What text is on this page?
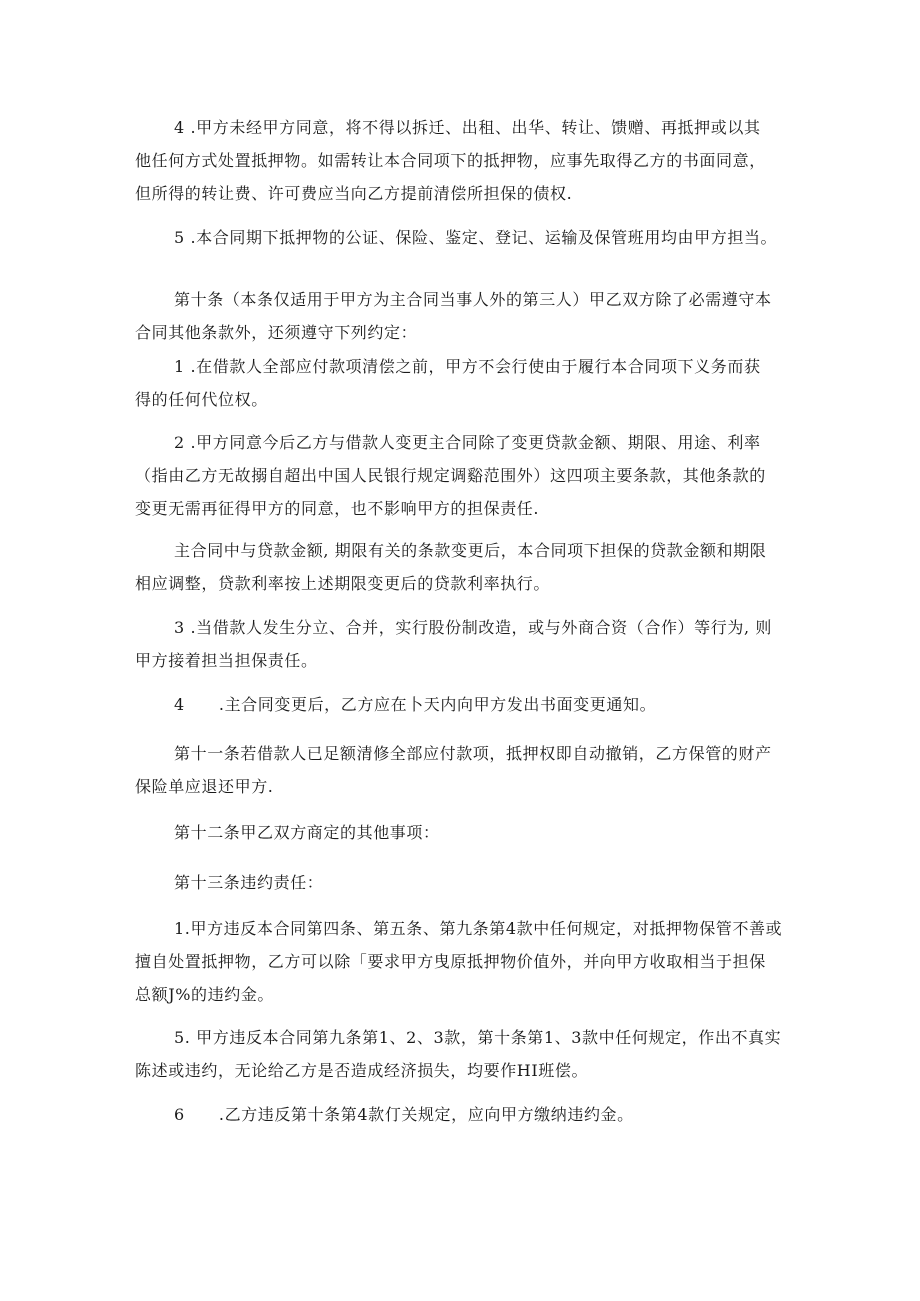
4 .甲方未经甲方同意，将不得以拆迁、出租、出华、转让、馈赠、再抵押或以其
他任何方式处置抵押物。如需转让本合同项下的抵押物，应事先取得乙方的书面同意，
但所得的转让费、许可费应当向乙方提前清偿所担保的债权.
5 .本合同期下抵押物的公证、保险、鉴定、登记、运输及保管班用均由甲方担当。
第十条（本条仅适用于甲方为主合同当事人外的第三人）甲乙双方除了必需遵守本
合同其他条款外，还须遵守下列约定：
1 .在借款人全部应付款项清偿之前，甲方不会行使由于履行本合同项下义务而获
得的任何代位权。
2 .甲方同意今后乙方与借款人变更主合同除了变更贷款金额、期限、用途、利率
（指由乙方无故搦自超出中国人民银行规定调谿范围外）这四项主要条款，其他条款的
变更无需再征得甲方的同意，也不影响甲方的担保责任.
主合同中与贷款金额, 期限有关的条款变更后，本合同项下担保的贷款金额和期限
相应调整，贷款利率按上述期限变更后的贷款利率执行。
3 .当借款人发生分立、合并，实行股份制改造，或与外商合资（合作）等行为, 则
甲方接着担当担保责任。
4      .主合同变更后，乙方应在卜天内向甲方发出书面变更通知。
第十一条若借款人已足额清修全部应付款项，抵押权即自动撤销，乙方保管的财产
保险单应退还甲方.
第十二条甲乙双方商定的其他事项：
第十三条违约责任：
1.甲方违反本合同第四条、第五条、第九条第4款中任何规定，对抵押物保管不善或
擅自处置抵押物，乙方可以除「要求甲方曳原抵押物价值外，并向甲方收取相当于担保
总额J%的违约金。
5. 甲方违反本合同第九条第1、2、3款，第十条第1、3款中任何规定，作出不真实
陈述或违约，无论给乙方是否造成经济损失，均要作HI班偿。
6      .乙方违反第十条第4款仃关规定，应向甲方缴纳违约金。
